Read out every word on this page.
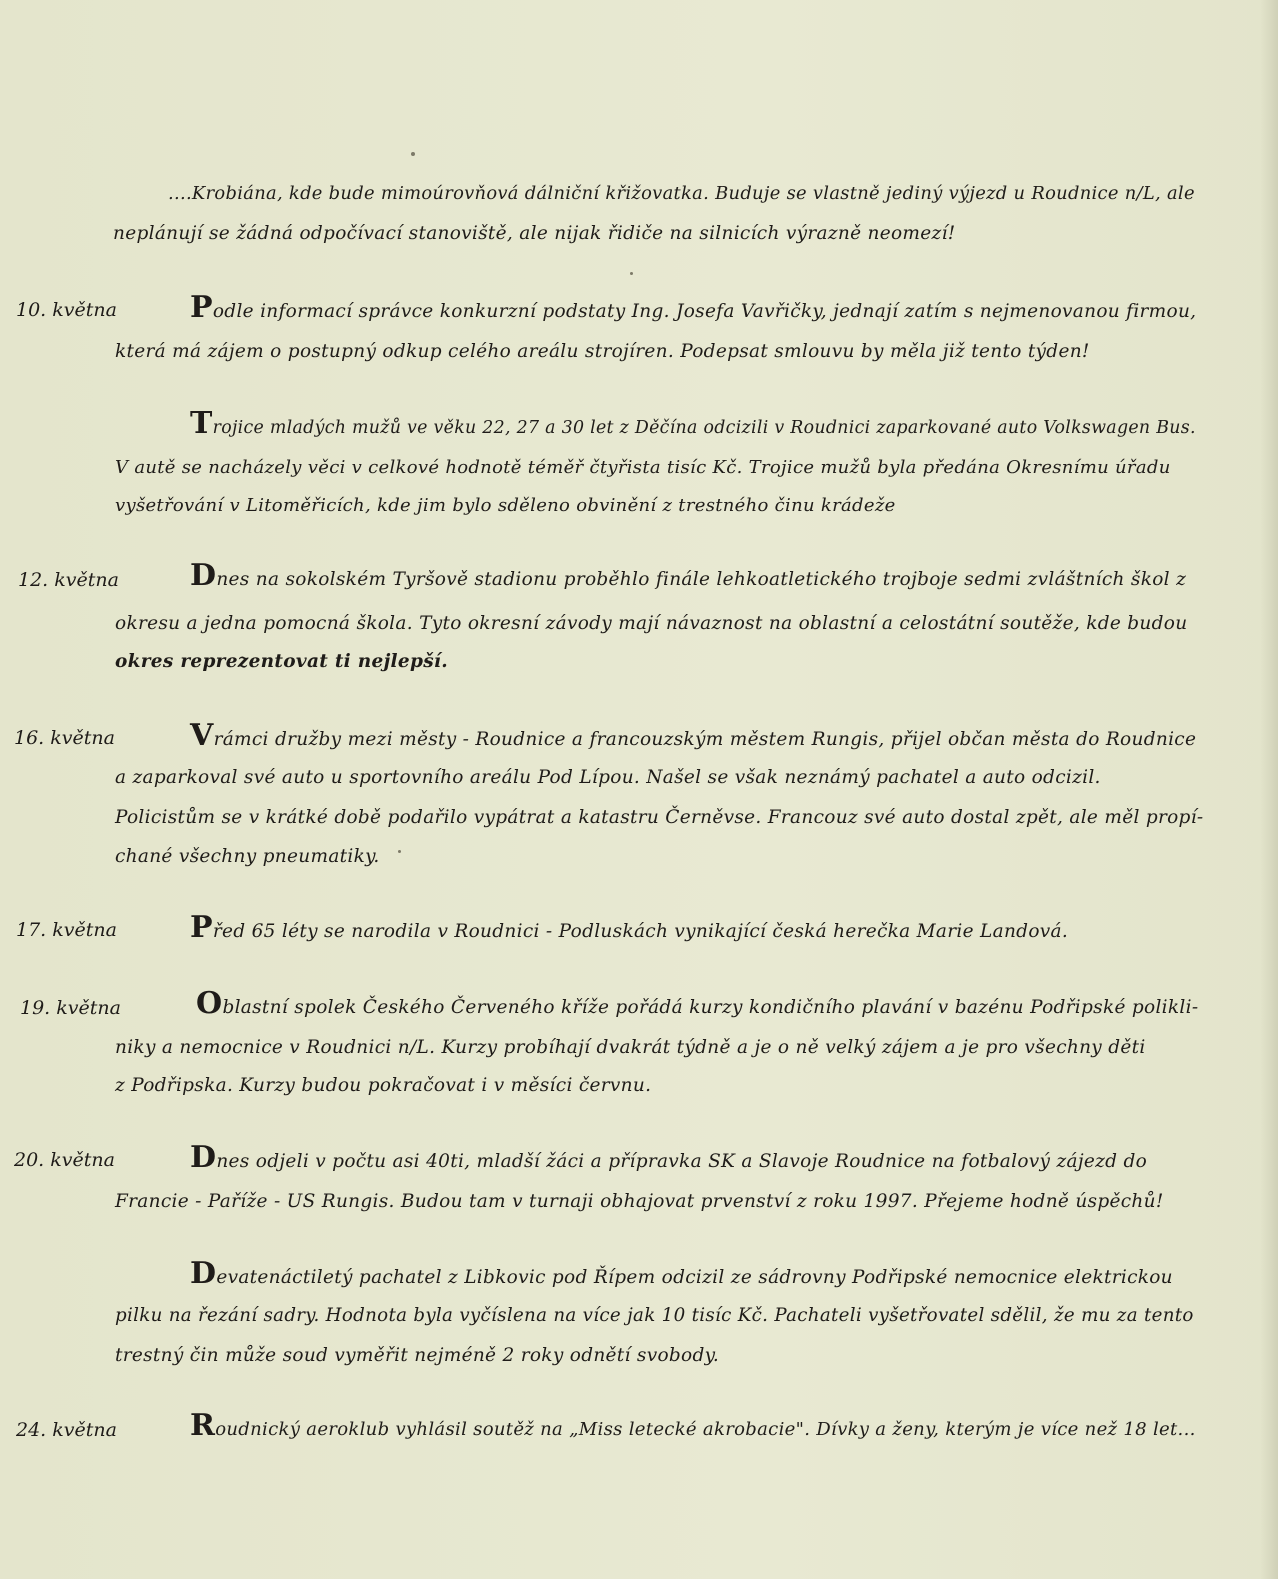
....Krobiána, kde bude mimoúrovňová dálniční křižovatka. Buduje se vlastně jediný výjezd u Roudnice n/L, ale
neplánují se žádná odpočívací stanoviště, ale nijak řidiče na silnicích výrazně neomezí!
10. května Podle informací správce konkurzní podstaty Ing. Josefa Vavřičky, jednají zatím s nejmenovanou firmou,
která má zájem o postupný odkup celého areálu strojíren. Podepsat smlouvu by měla již tento týden!
Trojice mladých mužů ve věku 22, 27 a 30 let z Děčína odcizili v Roudnici zaparkované auto Volkswagen Bus.
V autě se nacházely věci v celkové hodnotě téměř čtyřista tisíc Kč. Trojice mužů byla předána Okresnímu úřadu
vyšetřování v Litoměřicích, kde jim bylo sděleno obvinění z trestného činu krádeže
12. května Dnes na sokolském Tyršově stadionu proběhlo finále lehkoatletického trojboje sedmi zvláštních škol z
okresu a jedna pomocná škola. Tyto okresní závody mají návaznost na oblastní a celostátní soutěže, kde budou
okres reprezentovat ti nejlepší.
16. května	Vrámci družby mezi městy - Roudnice a francouzským městem Rungis, přijel občan města do Roudnice
a zaparkoval své auto u sportovního areálu Pod Lípou. Našel se však neznámý pachatel a auto odcizil.
Policistům se v krátké době podařilo vypátrat a katastru Černěvse. Francouz své auto dostal zpět, ale měl propí-
chané všechny pneumatiky.
17. května Před 65 léty se narodila v Roudnici - Podluskách vynikající česká herečka Marie Landová.
19. května	Oblastní spolek Českého Červeného kříže pořádá kurzy kondičního plavání v bazénu Podřipské polikli-
niky a nemocnice v Roudnici n/L. Kurzy probíhají dvakrát týdně a je o ně velký zájem a je pro všechny děti
z Podřipska. Kurzy budou pokračovat i v měsíci červnu.
20. května	Dnes odjeli v počtu asi 40ti, mladší žáci a přípravka SK a Slavoje Roudnice na fotbalový zájezd do
Francie - Paříže - US Rungis. Budou tam v turnaji obhajovat prvenství z roku 1997. Přejeme hodně úspěchů!
Devatenáctiletý pachatel z Libkovic pod Řípem odcizil ze sádrovny Podřipské nemocnice elektrickou
pilku na řezání sadry. Hodnota byla vyčíslena na více jak 10 tisíc Kč. Pachateli vyšetřovatel sdělil, že mu za tento
trestný čin může soud vyměřit nejméně 2 roky odnětí svobody.
24. května Roudnický aeroklub vyhlásil soutěž na „Miss letecké akrobacie". Dívky a ženy, kterým je více než 18 let...
